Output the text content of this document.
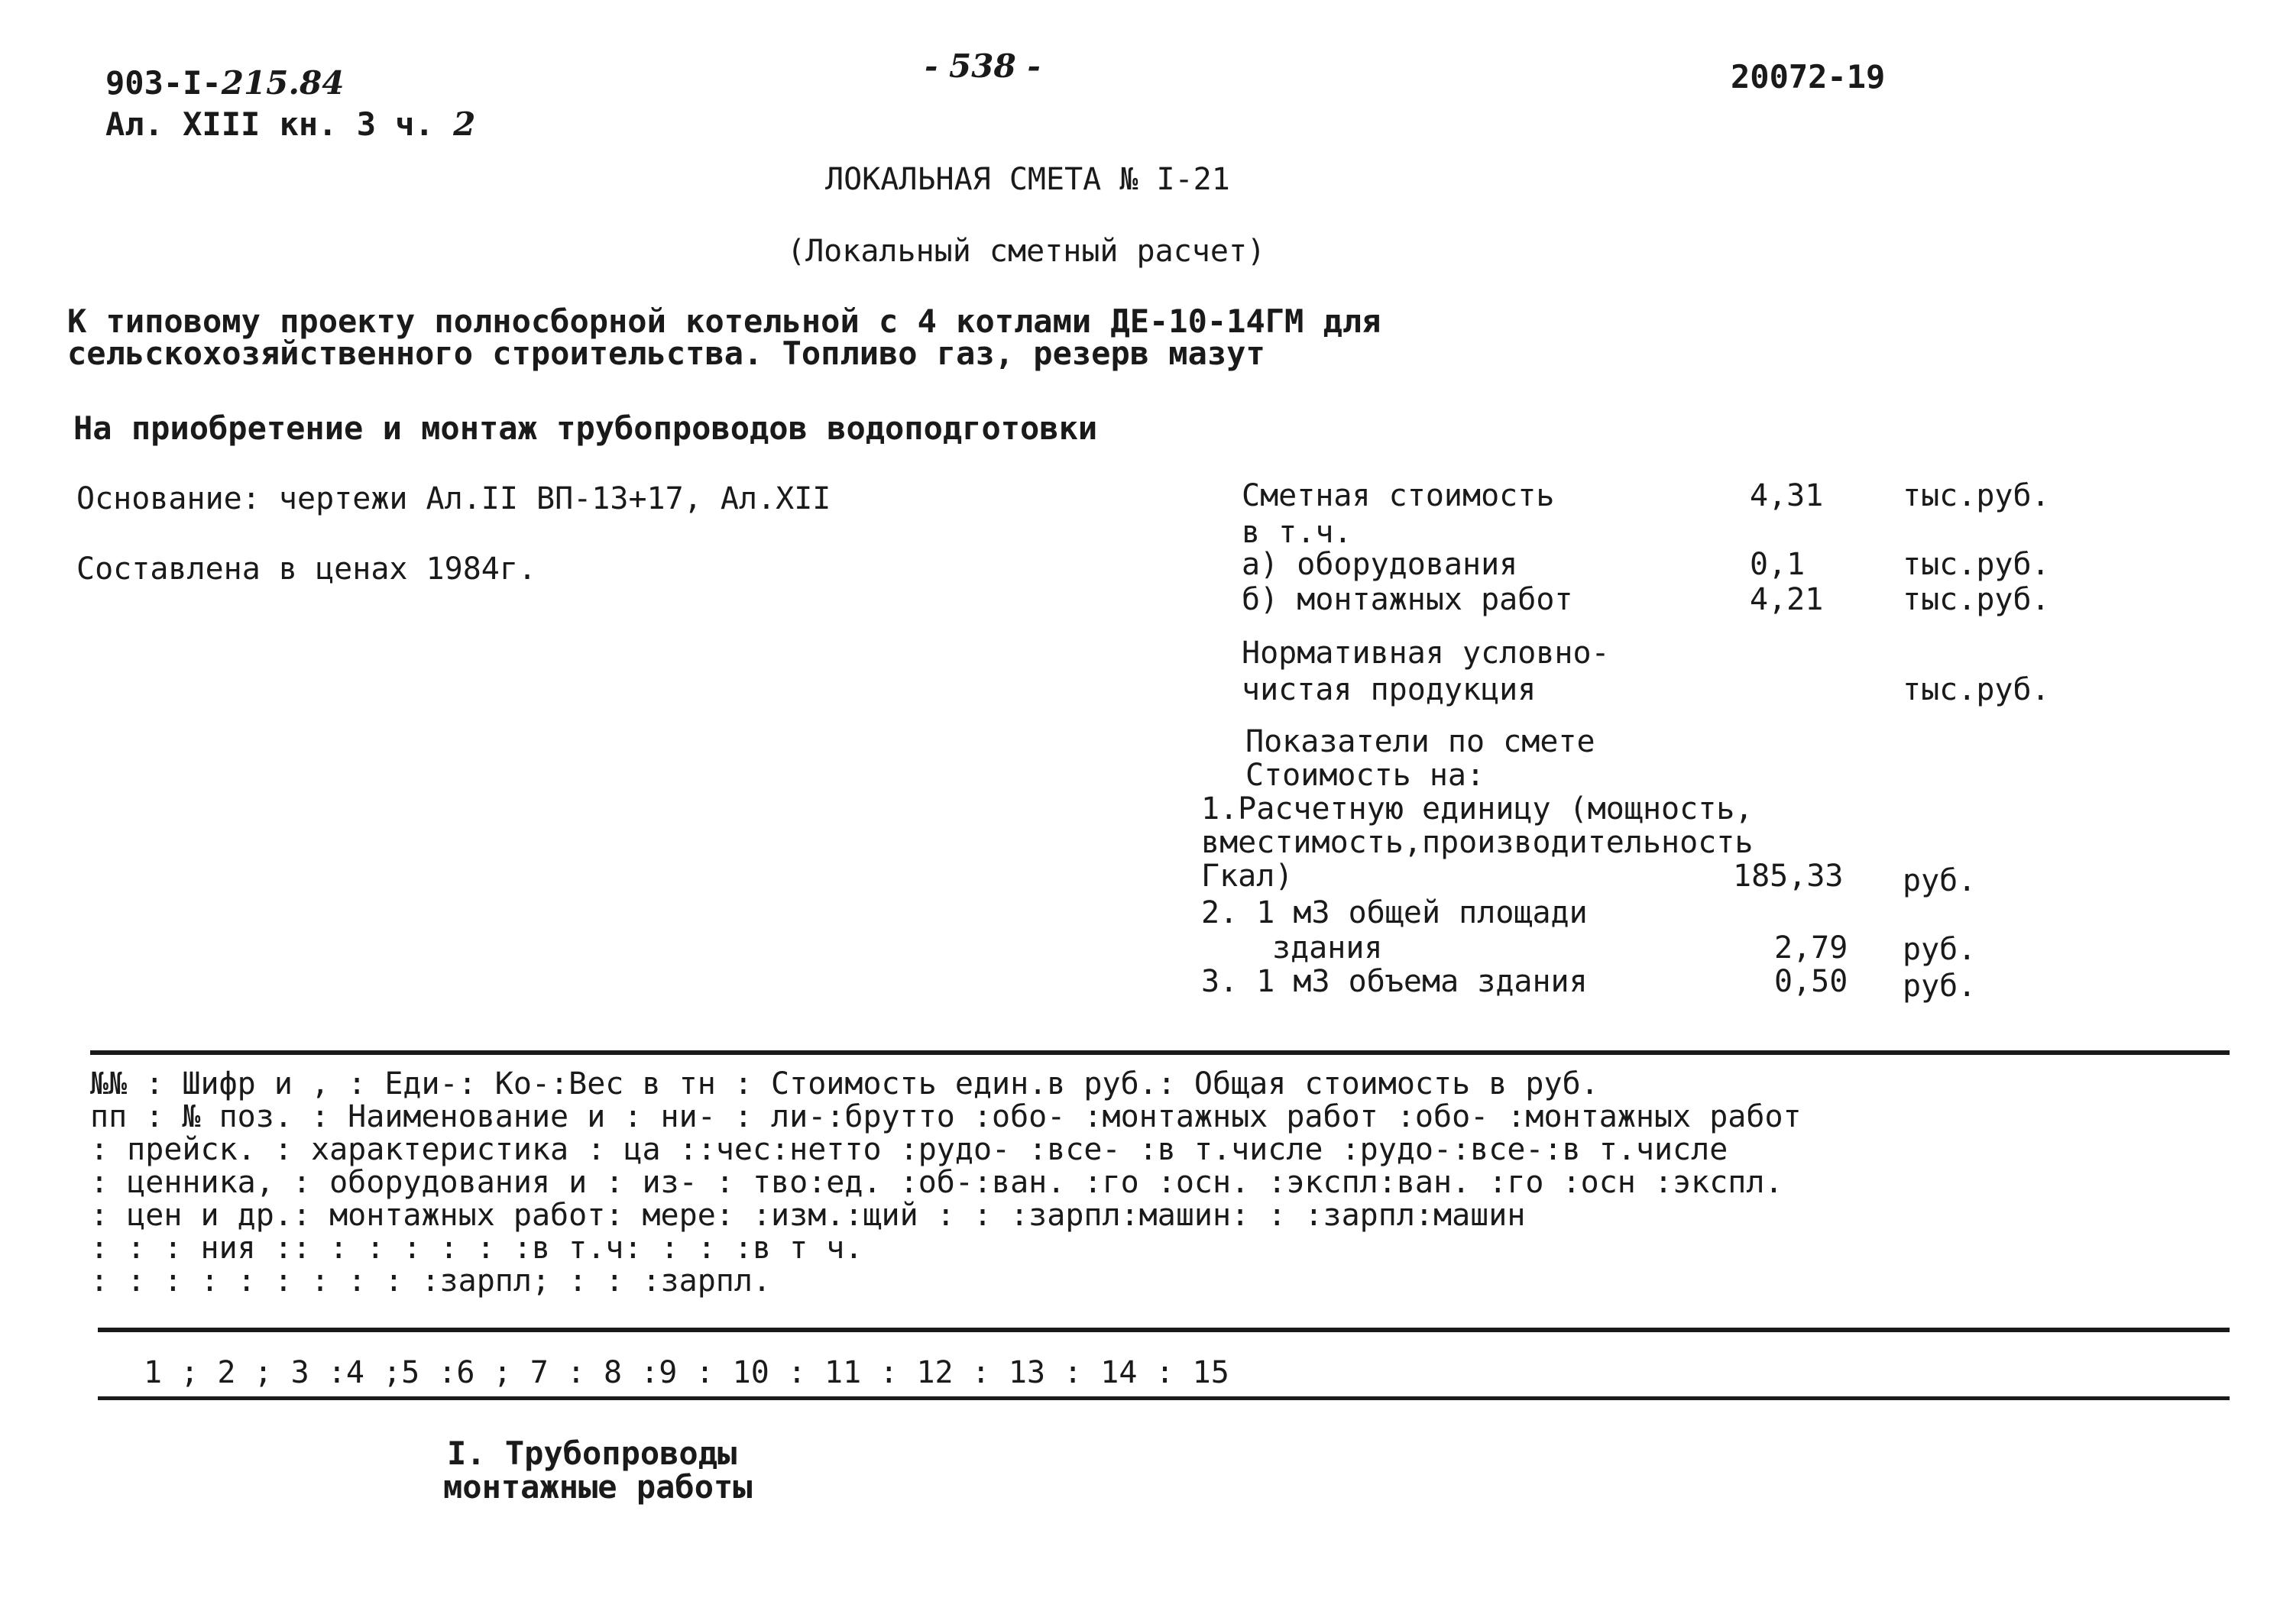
903-I-215.84
Ал. XIII кн. 3 ч. 2
- 538 -	20072-19
ЛОКАЛЬНАЯ СМЕТА № I-21
(Локальный сметный расчет)
К типовому проекту полносборной котельной с 4 котлами ДЕ-10-14ГМ для
сельскохозяйственного строительства. Топливо газ, резерв мазут
На приобретение и монтаж трубопроводов водоподготовки
Основание: чертежи Ал.II ВП-13+17, Ал.XII
Составлена в ценах 1984г.
Сметная стоимость	4,31	тыс.руб.
в т.ч.
а) оборудования	0,1	тыс.руб.
б) монтажных работ	4,21	тыс.руб.
Нормативная условно-
чистая продукция	тыс.руб.
Показатели по смете
Стоимость на:
1.Расчетную единицу (мощность,
вместимость,производительность
Гкал)	185,33 руб.
2. 1 м3 общей площади
здания	2,79 руб.
3. 1 м3 объема здания	0,50 руб.
№№ : Шифр и , : Еди-: Ко-:Вес в тн : Стоимость един.в руб.: Общая стоимость в руб.
пп : № поз. : Наименование и : ни- : ли-:брутто :обо- :монтажных работ :обо- :монтажных работ
: прейск. : характеристика : ца ::чес:нетто :рудо- :все- :в т.числе :рудо-:все-:в т.числе
: ценника, : оборудования и : из- : тво:ед. :об-:ван. :го :осн. :экспл:ван. :го :осн :экспл.
: цен и др.: монтажных работ: мере: :изм.:щий : : :зарпл:машин: : :зарпл:машин
: : : ния :: : : : : : :в т.ч: : : :в т ч.
: : : : : : : : : :зарпл; : : :зарпл.
1 ; 2 ; 3 :4 ;5 :6 ; 7 : 8 :9 : 10 : 11 : 12 : 13 : 14 : 15
I. Трубопроводы
монтажные работы
